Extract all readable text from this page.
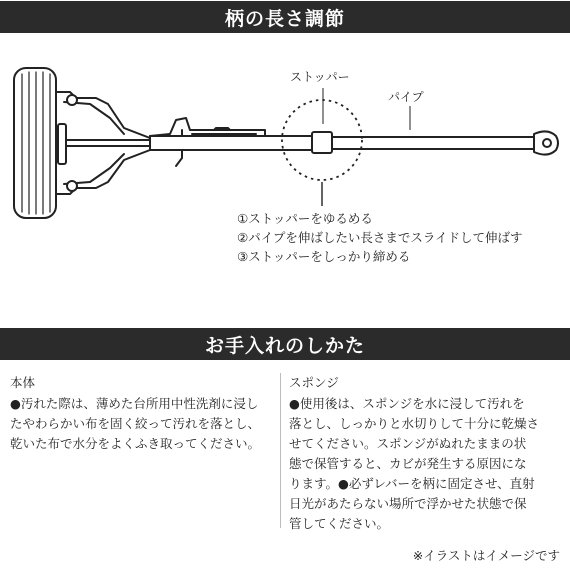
柄の長さ調節
ストッパー
パイプ
①ストッパーをゆるめる
②パイプを伸ばしたい長さまでスライドして伸ばす
③ストッパーをしっかり締める
お手入れのしかた
本体
●汚れた際は、薄めた台所用中性洗剤に浸し
たやわらかい布を固く絞って汚れを落とし、
乾いた布で水分をよくふき取ってください。
スポンジ
●使用後は、スポンジを水に浸して汚れを
落とし、しっかりと水切りして十分に乾燥さ
せてください。スポンジがぬれたままの状
態で保管すると、カビが発生する原因にな
ります。●必ずレバーを柄に固定させ、直射
日光があたらない場所で浮かせた状態で保
管してください。
※イラストはイメージです
